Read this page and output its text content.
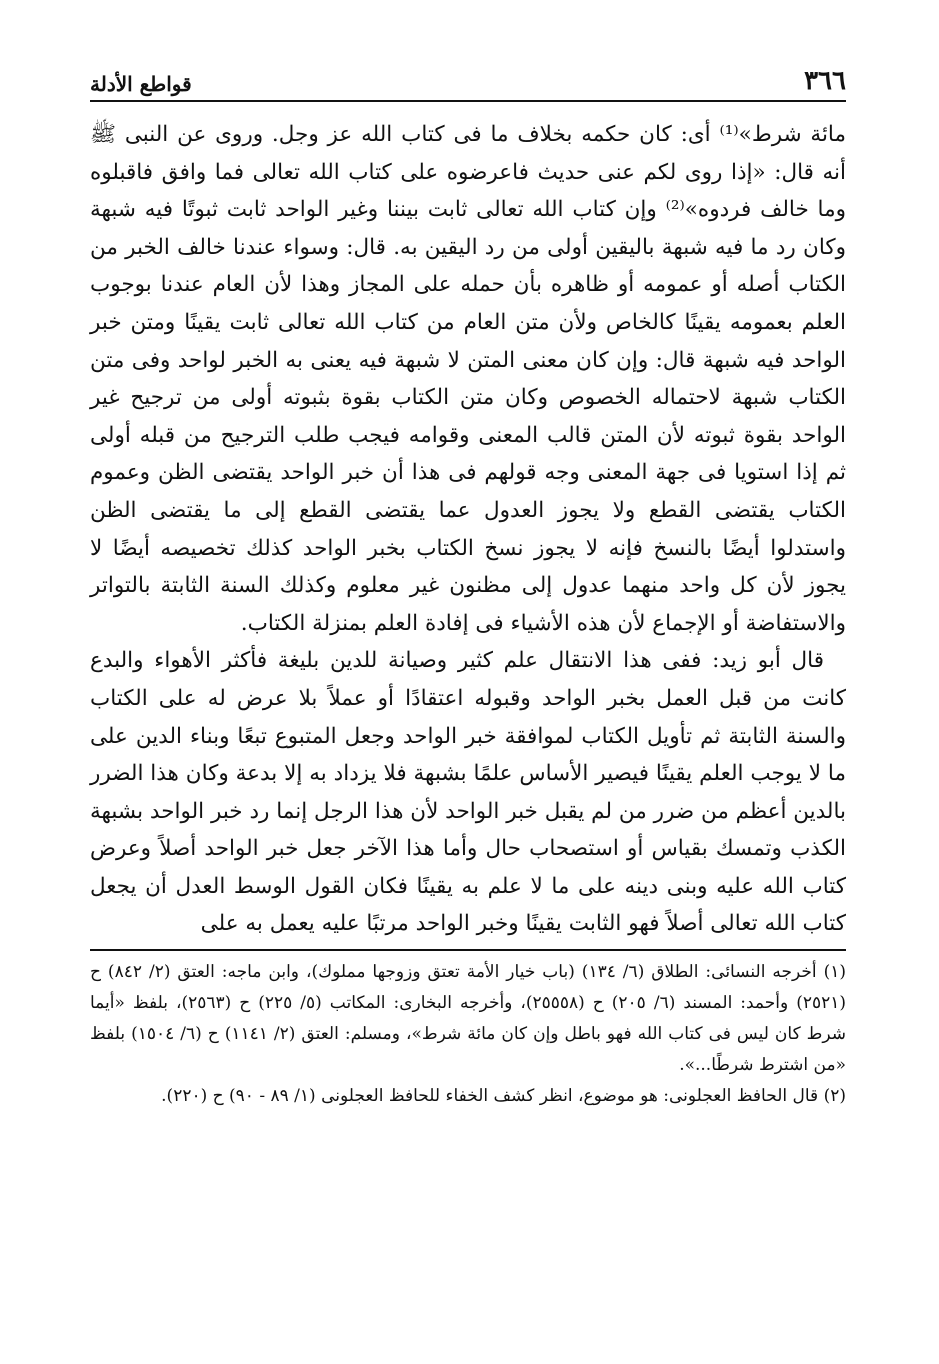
٣٦٦
قواطع الأدلة

مائة شرط»⁽¹⁾ أى: كان حكمه بخلاف ما فى كتاب الله عز وجل. وروى عن النبى ﷺ أنه قال: «إذا روى لكم عنى حديث فاعرضوه على كتاب الله تعالى فما وافق فاقبلوه وما خالف فردوه»⁽²⁾ وإن كتاب الله تعالى ثابت بيننا وغير الواحد ثابت ثبوتًا فيه شبهة وكان رد ما فيه شبهة باليقين أولى من رد اليقين به. قال: وسواء عندنا خالف الخبر من الكتاب أصله أو عمومه أو ظاهره بأن حمله على المجاز وهذا لأن العام عندنا بوجوب العلم بعمومه يقينًا كالخاص ولأن متن العام من كتاب الله تعالى ثابت يقينًا ومتن خبر الواحد فيه شبهة قال: وإن كان معنى المتن لا شبهة فيه يعنى به الخبر لواحد وفى متن الكتاب شبهة لاحتماله الخصوص وكان متن الكتاب بقوة بثبوته أولى من ترجيح غير الواحد بقوة ثبوته لأن المتن قالب المعنى وقوامه فيجب طلب الترجيح من قبله أولى ثم إذا استويا فى جهة المعنى وجه قولهم فى هذا أن خبر الواحد يقتضى الظن وعموم الكتاب يقتضى القطع ولا يجوز العدول عما يقتضى القطع إلى ما يقتضى الظن واستدلوا أيضًا بالنسخ فإنه لا يجوز نسخ الكتاب بخبر الواحد كذلك تخصيصه أيضًا لا يجوز لأن كل واحد منهما عدول إلى مظنون غير معلوم وكذلك السنة الثابتة بالتواتر والاستفاضة أو الإجماع لأن هذه الأشياء فى إفادة العلم بمنزلة الكتاب.

قال أبو زيد: ففى هذا الانتقال علم كثير وصيانة للدين بليغة فأكثر الأهواء والبدع كانت من قبل العمل بخبر الواحد وقبوله اعتقادًا أو عملاً بلا عرض له على الكتاب والسنة الثابتة ثم تأويل الكتاب لموافقة خبر الواحد وجعل المتبوع تبعًا وبناء الدين على ما لا يوجب العلم يقينًا فيصير الأساس علمًا بشبهة فلا يزداد به إلا بدعة وكان هذا الضرر بالدين أعظم من ضرر من لم يقبل خبر الواحد لأن هذا الرجل إنما رد خبر الواحد بشبهة الكذب وتمسك بقياس أو استصحاب حال وأما هذا الآخر جعل خبر الواحد أصلاً وعرض كتاب الله عليه وبنى دينه على ما لا علم به يقينًا فكان القول الوسط العدل أن يجعل كتاب الله تعالى أصلاً فهو الثابت يقينًا وخبر الواحد مرتبًا عليه يعمل به على

(١) أخرجه النسائى: الطلاق (٦/ ١٣٤) (باب خيار الأمة تعتق وزوجها مملوك)، وابن ماجه: العتق (٢/ ٨٤٢) ح (٢٥٢١) وأحمد: المسند (٦/ ٢٠٥) ح (٢٥٥٥٨)، وأخرجه البخارى: المكاتب (٥/ ٢٢٥) ح (٢٥٦٣)، بلفظ «أيما شرط كان ليس فى كتاب الله فهو باطل وإن كان مائة شرط»، ومسلم: العتق (٢/ ١١٤١) ح (٦/ ١٥٠٤) بلفظ «من اشترط شرطًا...».

(٢) قال الحافظ العجلونى: هو موضوع، انظر كشف الخفاء للحافظ العجلونى (١/ ٨٩ - ٩٠) ح (٢٢٠).
